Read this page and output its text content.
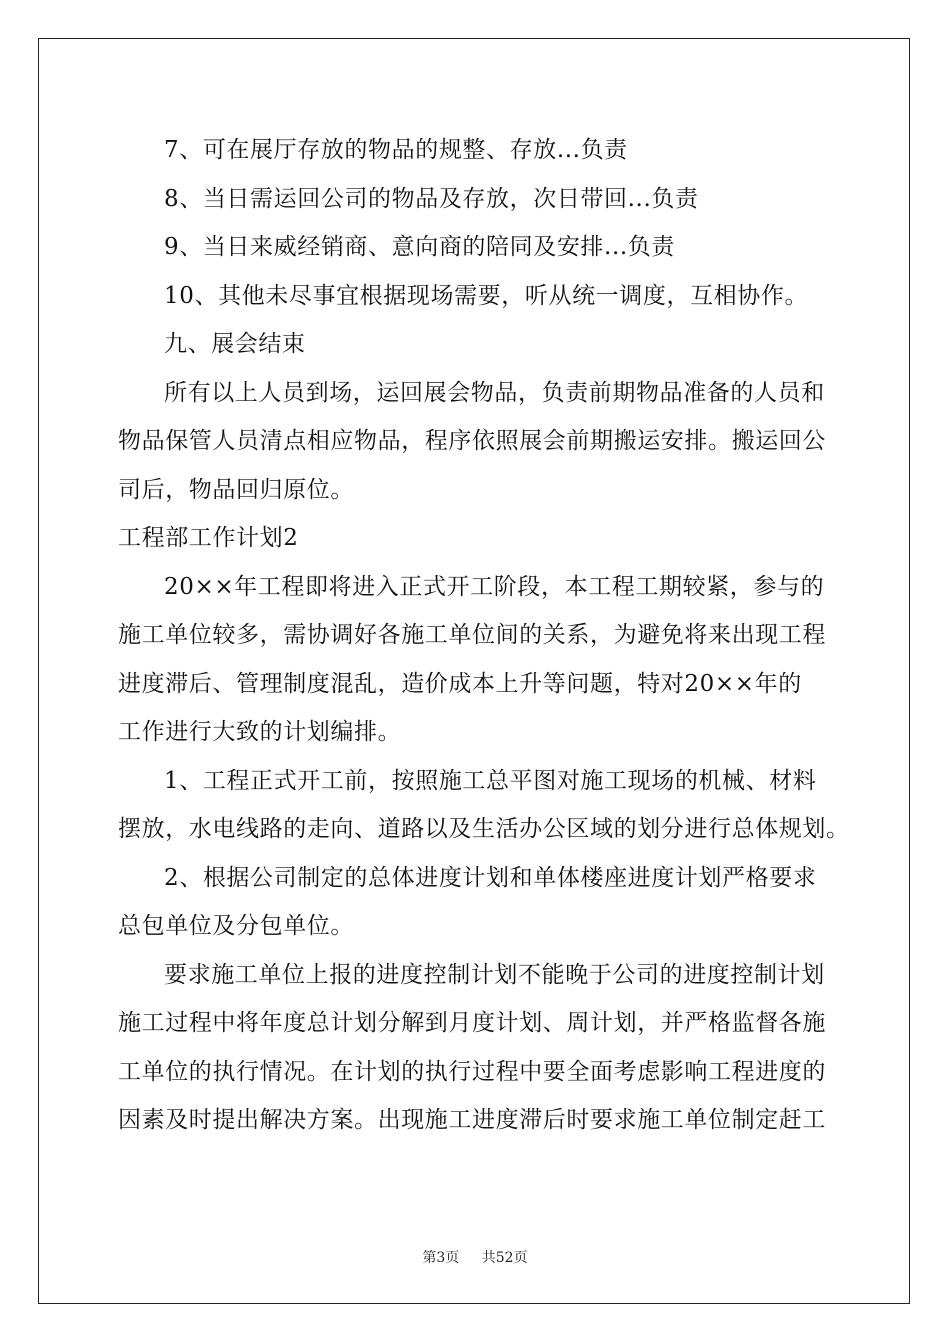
7、可在展厅存放的物品的规整、存放...负责
8、当日需运回公司的物品及存放，次日带回...负责
9、当日来威经销商、意向商的陪同及安排...负责
10、其他未尽事宜根据现场需要，听从统一调度，互相协作。
九、展会结束
所有以上人员到场，运回展会物品，负责前期物品准备的人员和
物品保管人员清点相应物品，程序依照展会前期搬运安排。搬运回公
司后，物品回归原位。
工程部工作计划2
20××年工程即将进入正式开工阶段，本工程工期较紧，参与的
施工单位较多，需协调好各施工单位间的关系，为避免将来出现工程
进度滞后、管理制度混乱，造价成本上升等问题，特对20××年的
工作进行大致的计划编排。
1、工程正式开工前，按照施工总平图对施工现场的机械、材料
摆放，水电线路的走向、道路以及生活办公区域的划分进行总体规划。
2、根据公司制定的总体进度计划和单体楼座进度计划严格要求
总包单位及分包单位。
要求施工单位上报的进度控制计划不能晚于公司的进度控制计划
施工过程中将年度总计划分解到月度计划、周计划，并严格监督各施
工单位的执行情况。在计划的执行过程中要全面考虑影响工程进度的
因素及时提出解决方案。出现施工进度滞后时要求施工单位制定赶工
第3页 共52页
